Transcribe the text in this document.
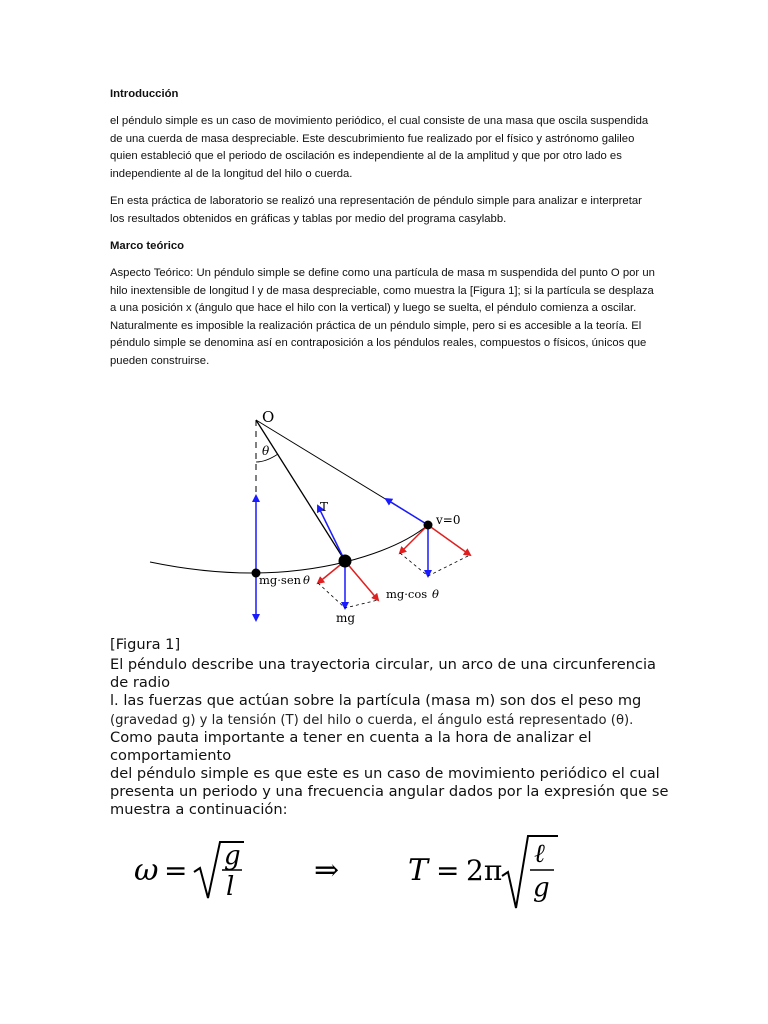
Introducción

el péndulo simple es un caso de movimiento periódico, el cual consiste de una masa que oscila suspendida de una cuerda de masa despreciable. Este descubrimiento fue realizado por el físico y astrónomo galileo quien estableció que el periodo de oscilación es independiente al de la amplitud y que por otro lado es independiente al de la longitud del hilo o cuerda.

En esta práctica de laboratorio se realizó una representación de péndulo simple para analizar e interpretar los resultados obtenidos en gráficas y tablas por medio del programa casylabb.

Marco teórico

Aspecto Teórico: Un péndulo simple se define como una partícula de masa m suspendida del punto O por un hilo inextensible de longitud l y de masa despreciable, como muestra la [Figura 1]; si la partícula se desplaza a una posición x (ángulo que hace el hilo con la vertical) y luego se suelta, el péndulo comienza a oscilar. Naturalmente es imposible la realización práctica de un péndulo simple, pero si es accesible a la teoría. El péndulo simple se denomina así en contraposición a los péndulos reales, compuestos o físicos, únicos que pueden construirse.

O
θ
T
v=0
mg·sen θ
mg·cos θ
mg

[Figura 1]

El péndulo describe una trayectoria circular, un arco de una circunferencia de radio

l. las fuerzas que actúan sobre la partícula (masa m) son dos el peso mg

(gravedad g) y la tensión (T) del hilo o cuerda, el ángulo está representado (θ).

Como pauta importante a tener en cuenta a la hora de analizar el comportamiento

del péndulo simple es que este es un caso de movimiento periódico el cual presenta un periodo y una frecuencia angular dados por la expresión que se muestra a continuación:

ω = g
l	⇒ T = 2π ℓ
g
